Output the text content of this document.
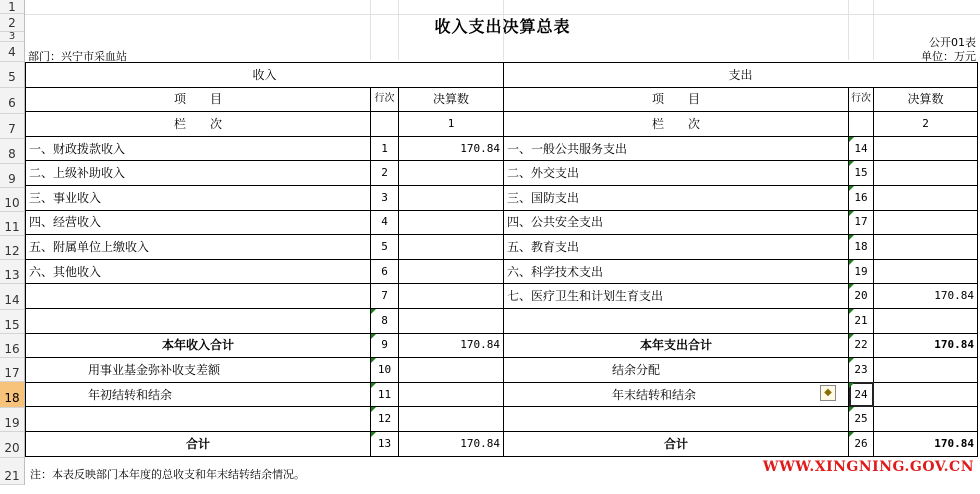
1
2
3
4
5
6
7
8
9
10
11
12
13
14
15
16
17
18
19
20
21
收入支出决算总表
部门：兴宁市采血站
公开01表
单位：万元
收入			支出		
项　　目	行次	决算数	项　　目	行次	决算数
栏　　次		1	栏　　次		2
一、财政拨款收入	1	170.84	一、一般公共服务支出	14	
二、上级补助收入	2		二、外交支出	15	
三、事业收入	3		三、国防支出	16	
四、经营收入	4		四、公共安全支出	17	
五、附属单位上缴收入	5		五、教育支出	18	
六、其他收入	6		六、科学技术支出	19	
	7		七、医疗卫生和计划生育支出	20	170.84
	8			21	
本年收入合计	9	170.84	本年支出合计	22	170.84
用事业基金弥补收支差额	10		结余分配	23	
年初结转和结余	11		年末结转和结余	24	
	12			25	
合计	13	170.84	合计	26	170.84
◆
注：本表反映部门本年度的总收支和年末结转结余情况。	WWW.XINGNING.GOV.CN
